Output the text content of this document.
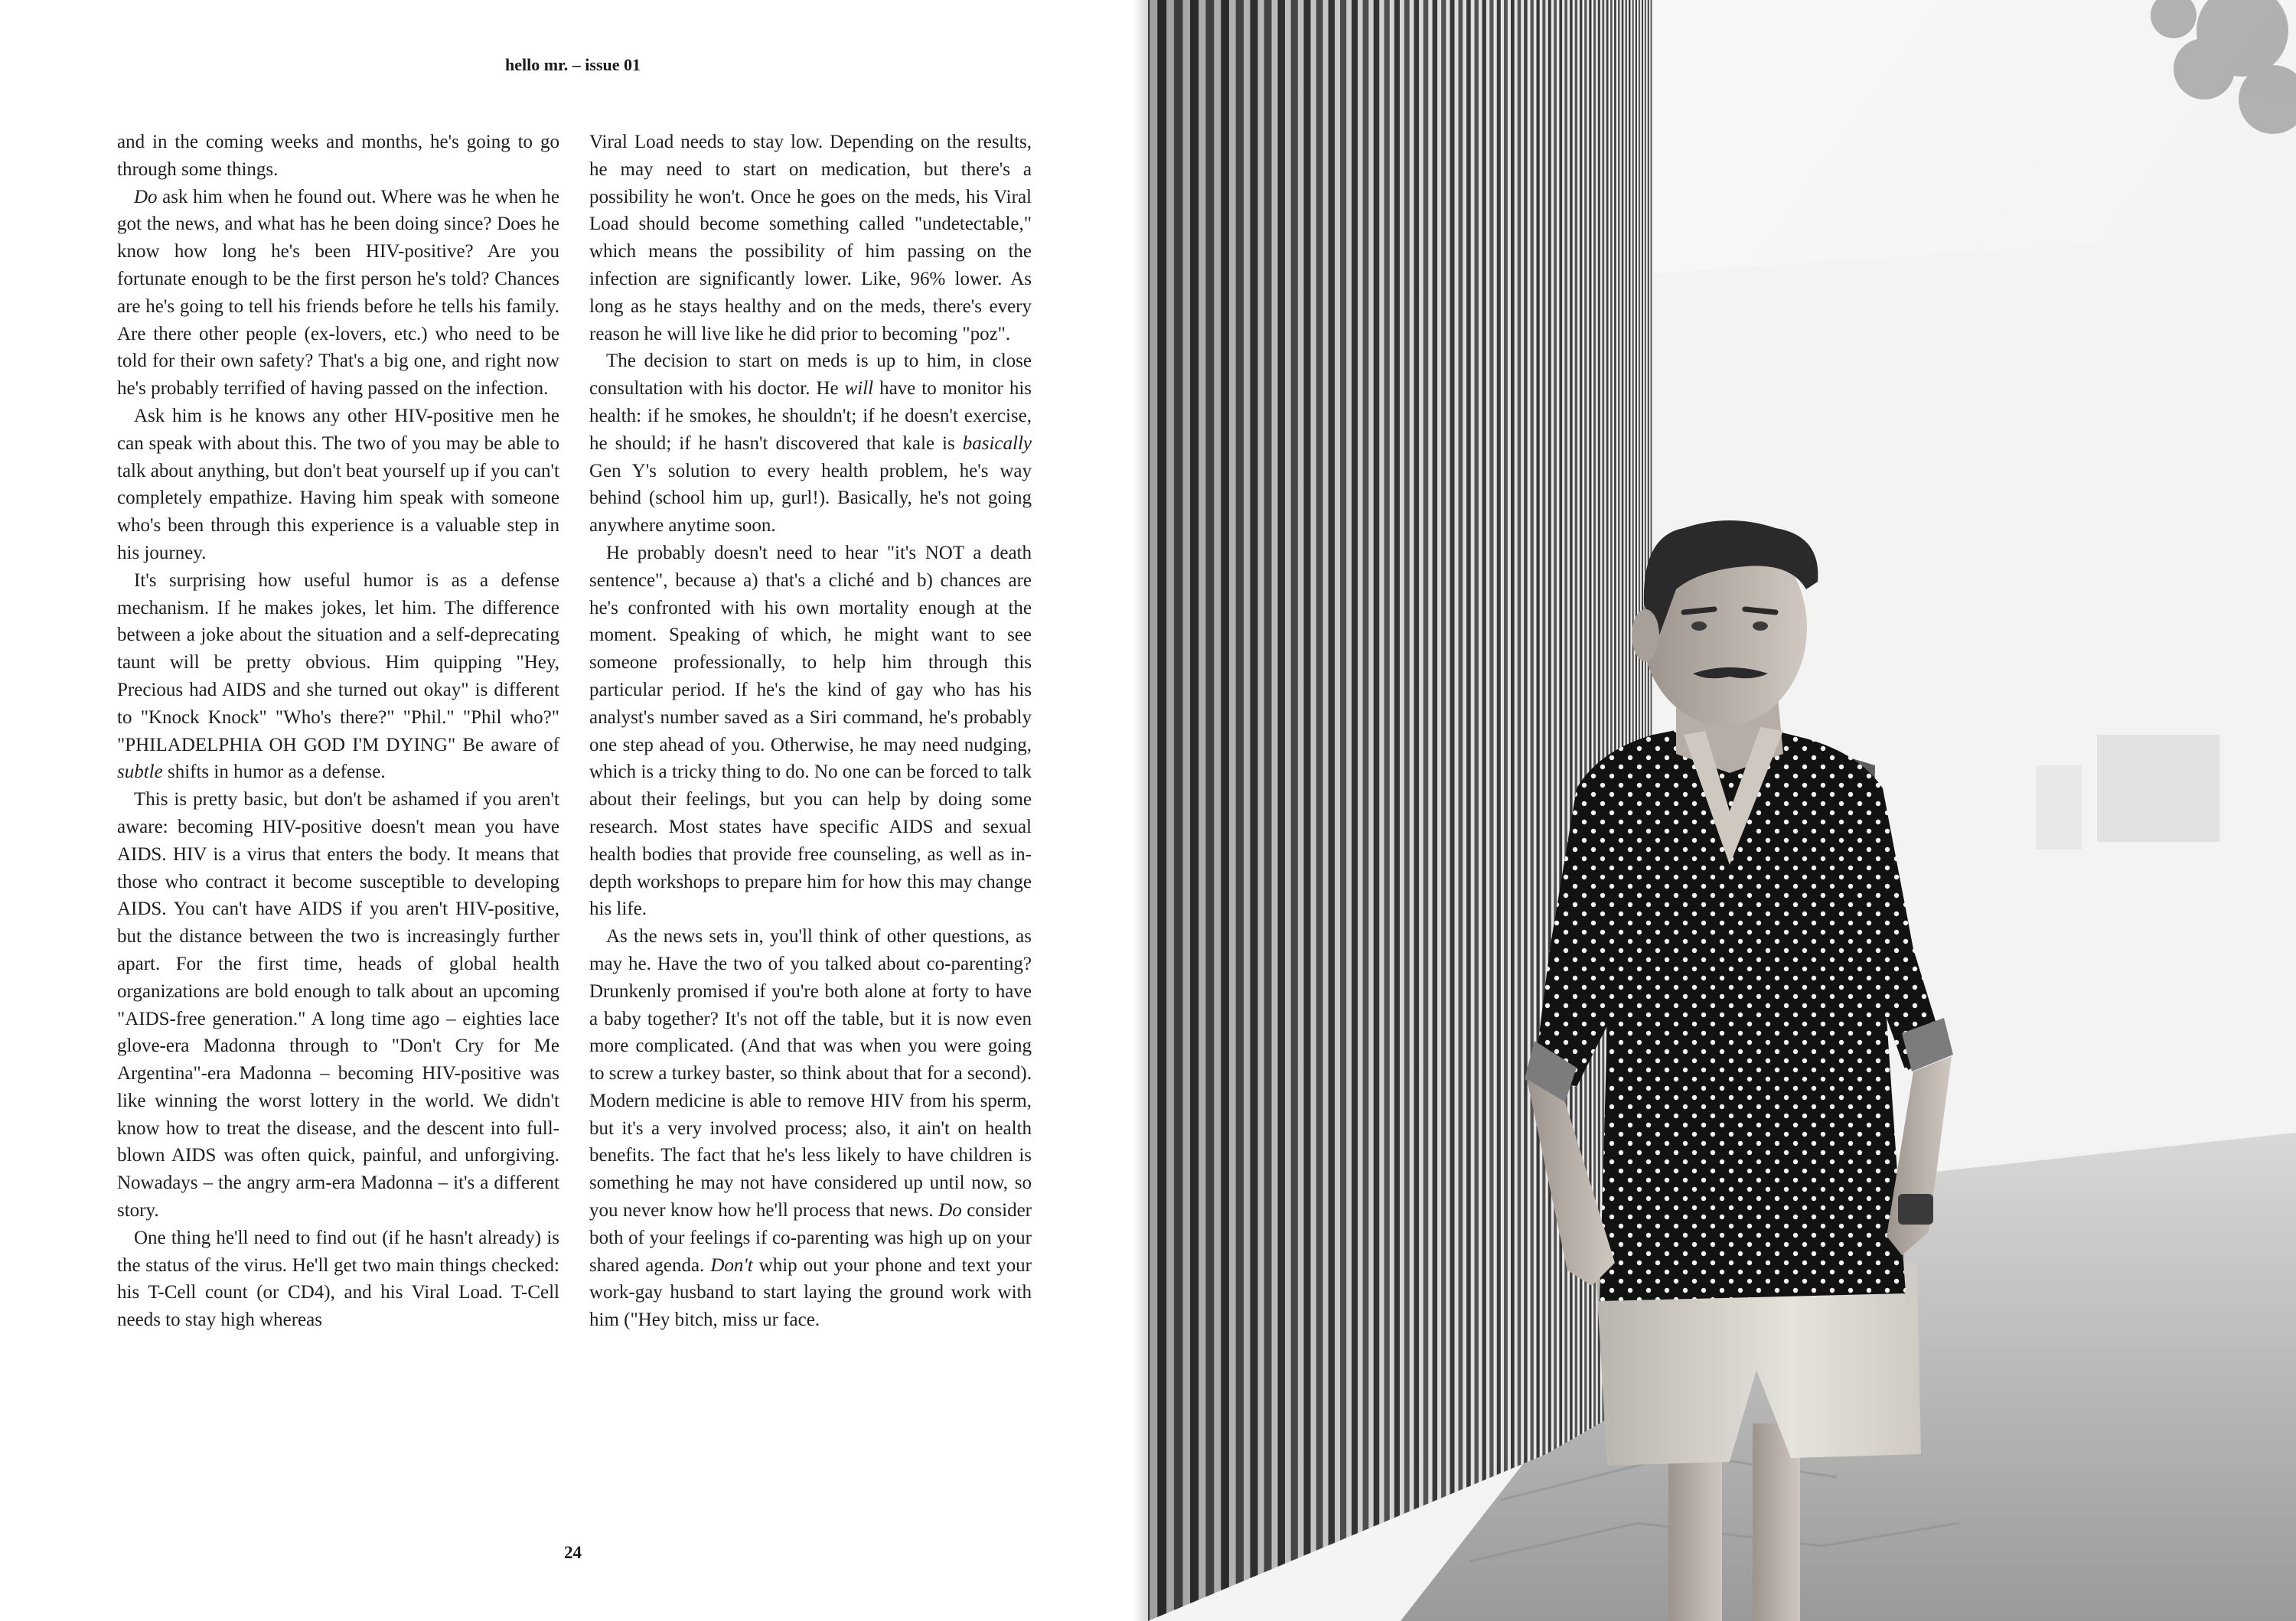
hello mr. – issue 01

and in the coming weeks and months, he's going to go through some things.

Do ask him when he found out. Where was he when he got the news, and what has he been doing since? Does he know how long he's been HIV-positive? Are you fortunate enough to be the first person he's told? Chances are he's going to tell his friends before he tells his family. Are there other people (ex-lovers, etc.) who need to be told for their own safety? That's a big one, and right now he's probably terrified of having passed on the infection.

Ask him is he knows any other HIV-positive men he can speak with about this. The two of you may be able to talk about anything, but don't beat yourself up if you can't completely empathize. Having him speak with someone who's been through this experience is a valuable step in his journey.

It's surprising how useful humor is as a defense mechanism. If he makes jokes, let him. The difference between a joke about the situation and a self-deprecating taunt will be pretty obvious. Him quipping "Hey, Precious had AIDS and she turned out okay" is different to "Knock Knock" "Who's there?" "Phil." "Phil who?" "PHILADELPHIA OH GOD I'M DYING" Be aware of subtle shifts in humor as a defense.

This is pretty basic, but don't be ashamed if you aren't aware: becoming HIV-positive doesn't mean you have AIDS. HIV is a virus that enters the body. It means that those who contract it become susceptible to developing AIDS. You can't have AIDS if you aren't HIV-positive, but the distance between the two is increasingly further apart. For the first time, heads of global health organizations are bold enough to talk about an upcoming "AIDS-free generation." A long time ago – eighties lace glove-era Madonna through to "Don't Cry for Me Argentina"-era Madonna – becoming HIV-positive was like winning the worst lottery in the world. We didn't know how to treat the disease, and the descent into full-blown AIDS was often quick, painful, and unforgiving. Nowadays – the angry arm-era Madonna – it's a different story.

One thing he'll need to find out (if he hasn't already) is the status of the virus. He'll get two main things checked: his T-Cell count (or CD4), and his Viral Load. T-Cell needs to stay high whereas

Viral Load needs to stay low. Depending on the results, he may need to start on medication, but there's a possibility he won't. Once he goes on the meds, his Viral Load should become something called "undetectable," which means the possibility of him passing on the infection are significantly lower. Like, 96% lower. As long as he stays healthy and on the meds, there's every reason he will live like he did prior to becoming "poz".

The decision to start on meds is up to him, in close consultation with his doctor. He will have to monitor his health: if he smokes, he shouldn't; if he doesn't exercise, he should; if he hasn't discovered that kale is basically Gen Y's solution to every health problem, he's way behind (school him up, gurl!). Basically, he's not going anywhere anytime soon.

He probably doesn't need to hear "it's NOT a death sentence", because a) that's a cliché and b) chances are he's confronted with his own mortality enough at the moment. Speaking of which, he might want to see someone professionally, to help him through this particular period. If he's the kind of gay who has his analyst's number saved as a Siri command, he's probably one step ahead of you. Otherwise, he may need nudging, which is a tricky thing to do. No one can be forced to talk about their feelings, but you can help by doing some research. Most states have specific AIDS and sexual health bodies that provide free counseling, as well as in-depth workshops to prepare him for how this may change his life.

As the news sets in, you'll think of other questions, as may he. Have the two of you talked about co-parenting? Drunkenly promised if you're both alone at forty to have a baby together? It's not off the table, but it is now even more complicated. (And that was when you were going to screw a turkey baster, so think about that for a second). Modern medicine is able to remove HIV from his sperm, but it's a very involved process; also, it ain't on health benefits. The fact that he's less likely to have children is something he may not have considered up until now, so you never know how he'll process that news. Do consider both of your feelings if co-parenting was high up on your shared agenda. Don't whip out your phone and text your work-gay husband to start laying the ground work with him ("Hey bitch, miss ur face.

24
